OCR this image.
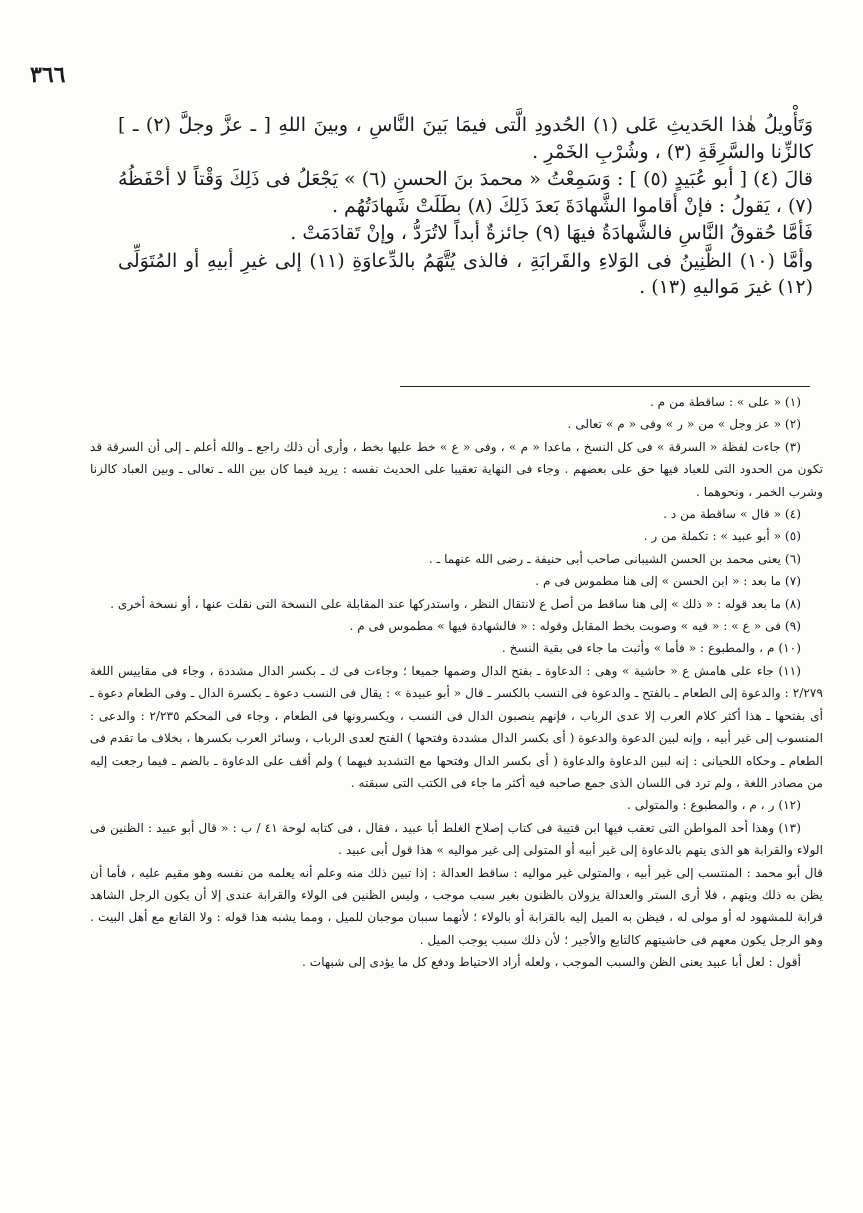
٣٦٦

وَتَأْويلُ هٰذا الحَديثِ عَلى (١) الحُدودِ الَّتى فيمَا بَينَ النَّاسِ ، وبينَ اللهِ [ ـ عزَّ وجلَّ (٢) ـ ] كالزِّنا والسَّرِقَةِ (٣) ، وشُرْبِ الخَمْرِ .

قالَ (٤) [ أبو عُبَيدٍ (٥) ] : وَسَمِعْتُ « محمدَ بنَ الحسنِ (٦) » يَجْعَلُ فى ذَلِكَ وَقْتاً لا أحْفَظُهُ (٧) ، يَقولُ : فإنْ أقاموا الشَّهادَةَ بَعدَ ذَلِكَ (٨) بطَلَتْ شَهادَتُهُم .

فَأمَّا حُقوقُ النَّاسِ فالشَّهادَةُ فيهَا (٩) جائزةٌ أبداً لاتُرَدُّ ، وإنْ تَقادَمَتْ .

وأمَّا (١٠) الظَّنِينُ فى الوَلاءِ والقَرابَةِ ، فالذى يُتَّهَمُ بالدِّعاوَةِ (١١) إلى غيرِ أبيهِ أو المُتَوَلِّى (١٢) غيرَ مَواليهِ (١٣) .

(١) « على » : ساقطة من م .

(٢) « عز وجل » من « ر » وفى « م » تعالى .

(٣) جاءت لفظة « السرقة » فى كل النسخ ، ماعدا « م » ، وفى « ع » خط عليها بخط ، وأرى أن ذلك راجع ـ والله أعلم ـ إلى أن السرقة قد تكون من الحدود التى للعباد فيها حق على بعضهم . وجاء فى النهاية تعقيبا على الحديث نفسه : يريد فيما كان بين الله ـ تعالى ـ وبين العباد كالزنا وشرب الخمر ، ونحوهما .

(٤) « قال » ساقطة من د .

(٥) « أبو عبيد » : تكملة من ر .

(٦) يعنى محمد بن الحسن الشيبانى صاحب أبى حنيفة ـ رضى الله عنهما ـ .

(٧) ما بعد : « ابن الحسن » إلى هنا مطموس فى م .

(٨) ما بعد قوله : « ذلك » إلى هنا ساقط من أصل ع لانتقال النظر ، واستدركها عند المقابلة على النسخة التى نقلت عنها ، أو نسخة أخرى .

(٩) فى « ع » : « فيه » وصوبت بخط المقابل وقوله : « فالشهادة فيها » مطموس فى م .

(١٠) م ، والمطبوع : « فأما » وأثبت ما جاء فى بقية النسخ .

(١١) جاء على هامش ع « حاشية » وهى : الدعاوة ـ بفتح الدال وضمها جميعا ؛ وجاءت فى ك ـ بكسر الدال مشددة ، وجاء فى مقاييس اللغة ٢/٢٧٩ : والدعوة إلى الطعام ـ بالفتح ـ والدعوة فى النسب بالكسر ـ قال « أبو عبيدة » : يقال فى النسب دعوة ـ بكسرة الدال ـ وفى الطعام دعوة ـ أى بفتحها ـ هذا أكثر كلام العرب إلا عدى الرباب ، فإنهم ينصبون الدال فى النسب ، ويكسرونها فى الطعام ، وجاء فى المحكم ٢/٢٣٥ : والدعى : المنسوب إلى غير أبيه ، وإنه لبين الدعوة والدعوة ( أى بكسر الدال مشددة وفتحها ) الفتح لعدى الرباب ، وسائر العرب بكسرها ، بخلاف ما تقدم فى الطعام ـ وحكاه اللحيانى : إنه لبين الدعاوة والدعاوة ( أى بكسر الدال وفتحها مع التشديد فيهما ) ولم أقف على الدعاوة ـ بالضم ـ فيما رجعت إليه من مصادر اللغة ، ولم ترد فى اللسان الذى جمع صاحبه فيه أكثر ما جاء فى الكتب التى سبقته .

(١٢) ر ، م ، والمطبوع : والمتولى .

(١٣) وهذا أحد المواطن التى تعقب فيها ابن قتيبة فى كتاب إصلاح الغلط أبا عبيد ، فقال ، فى كتابه لوحة ٤١ / ب : « قال أبو عبيد : الظنين فى الولاء والقرابة هو الذى يتهم بالدعاوة إلى غير أبيه أو المتولى إلى غير مواليه » هذا قول أبى عبيد .

قال أبو محمد : المنتسب إلى غير أبيه ، والمتولى غير مواليه : ساقط العدالة : إذا تبين ذلك منه وعلم أنه يعلمه من نفسه وهو مقيم عليه ، فأما أن يظن به ذلك ويتهم ، فلا أرى الستر والعدالة يزولان بالظنون بغير سبب موجب ، وليس الظنين فى الولاء والقرابة عندى إلا أن يكون الرجل الشاهد قرابة للمشهود له أو مولى له ، فيظن به الميل إليه بالقرابة أو بالولاء ؛ لأنهما سببان موجبان للميل ، ومما يشبه هذا قوله : ولا القانع مع أهل البيت . وهو الرجل يكون معهم فى حاشيتهم كالتابع والأجير ؛ لأن ذلك سبب يوجب الميل .

أقول : لعل أبا عبيد يعنى الظن والسبب الموجب ، ولعله أراد الاحتياط ودفع كل ما يؤدى إلى شبهات .
